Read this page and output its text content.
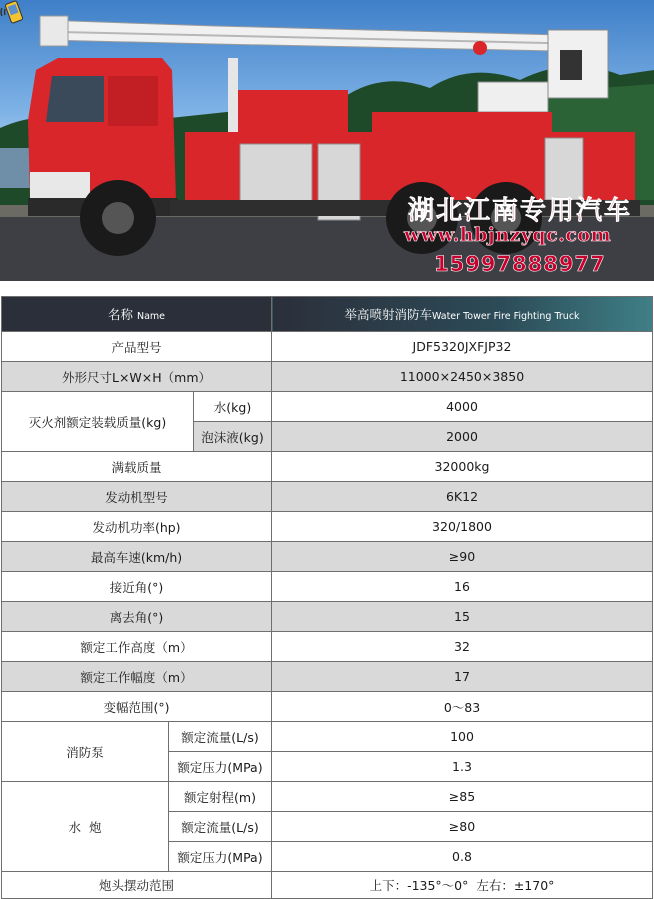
湖北江南专用汽车
www.hbjnzyqc.com
15997888977
名称 Name			举高喷射消防车Water Tower Fire Fighting Truck
产品型号			JDF5320JXFJP32
外形尺寸L×W×H（mm）			11000×2450×3850
灭火剂额定装载质量(kg)		水(kg)	4000
		泡沫液(kg)	2000
满载质量			32000kg
发动机型号			6K12
发动机功率(hp)			320/1800
最高车速(km/h)			≥90
接近角(°)			16
离去角(°)			15
额定工作高度（m）			32
额定工作幅度（m）			17
变幅范围(°)			0～83
消防泵	额定流量(L/s)		100
	额定压力(MPa)		1.3
水  炮	额定射程(m)		≥85
	额定流量(L/s)		≥80
	额定压力(MPa)		0.8
炮头摆动范围			上下：-135°～0°  左右：±170°
